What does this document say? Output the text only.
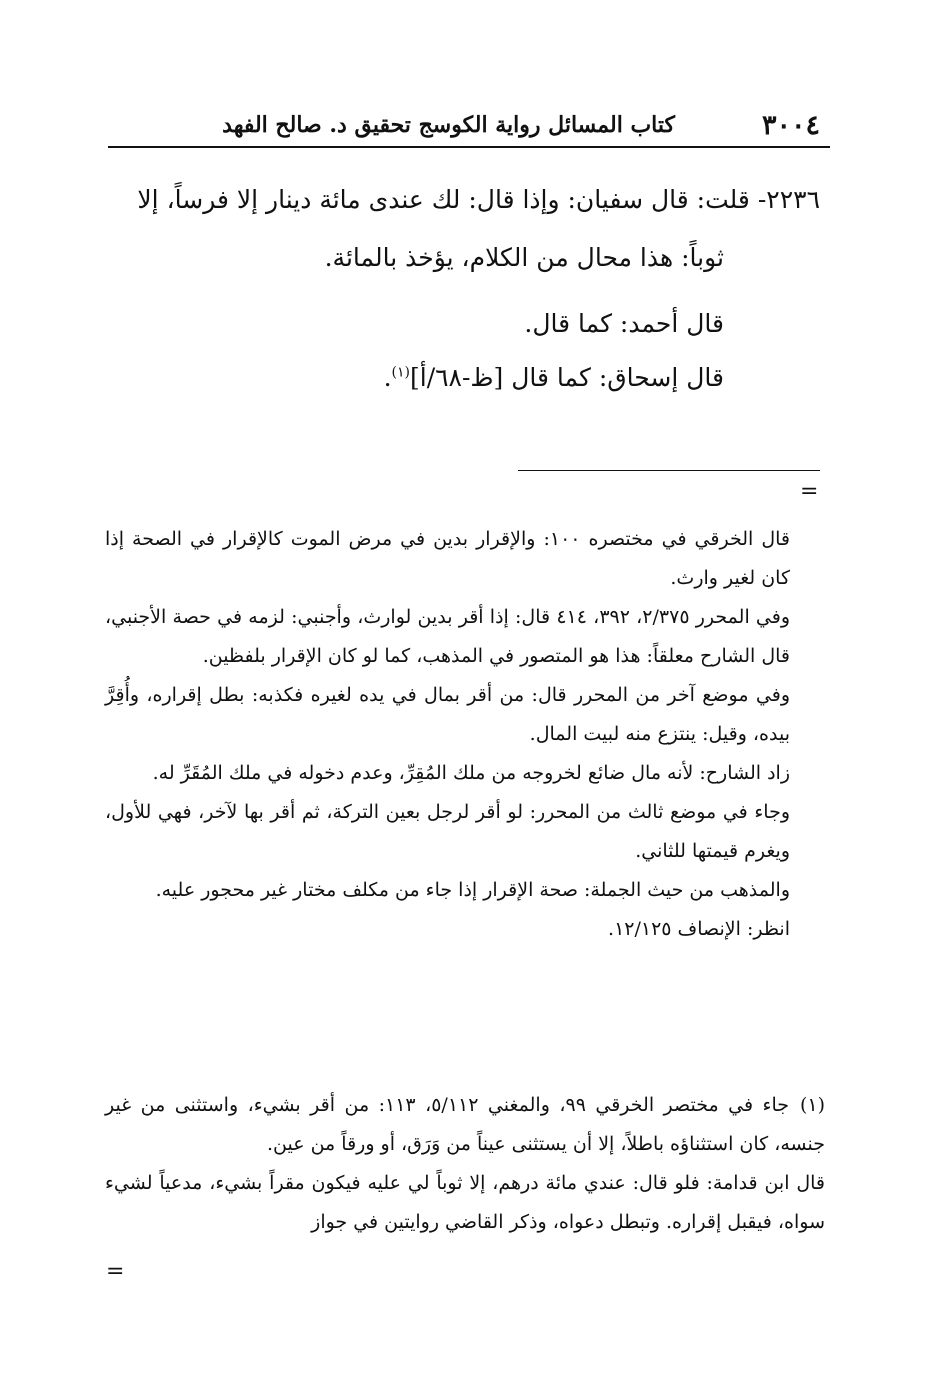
٣٠٠٤
كتاب المسائل رواية الكوسج تحقيق د. صالح الفهد
٢٢٣٦- قلت: قال سفيان: وإذا قال: لك عندى مائة دينار إلا فرساً، إلا
ثوباً: هذا محال من الكلام، يؤخذ بالمائة.
قال أحمد: كما قال.
قال إسحاق: كما قال [ظ-٦٨/أ]$^{(١)}$.
=

قال الخرقي في مختصره ١٠٠: والإقرار بدين في مرض الموت كالإقرار في الصحة إذا كان لغير وارث.

وفي المحرر ٢/٣٧٥، ٣٩٢، ٤١٤ قال: إذا أقر بدين لوارث، وأجنبي: لزمه في حصة الأجنبي، قال الشارح معلقاً: هذا هو المتصور في المذهب، كما لو كان الإقرار بلفظين.

وفي موضع آخر من المحرر قال: من أقر بمال في يده لغيره فكذبه: بطل إقراره، وأُقِرَّ بيده، وقيل: ينتزع منه لبيت المال.

زاد الشارح: لأنه مال ضائع لخروجه من ملك المُقِرِّ، وعدم دخوله في ملك المُقَرِّ له.

وجاء في موضع ثالث من المحرر: لو أقر لرجل بعين التركة، ثم أقر بها لآخر، فهي للأول، ويغرم قيمتها للثاني.

والمذهب من حيث الجملة: صحة الإقرار إذا جاء من مكلف مختار غير محجور عليه.

انظر: الإنصاف ١٢/١٢٥.

(١)جاء في مختصر الخرقي ٩٩، والمغني ٥/١١٢، ١١٣: من أقر بشيء، واستثنى من غير جنسه، كان استثناؤه باطلاً، إلا أن يستثنى عيناً من وَرَق، أو ورقاً من عين.

قال ابن قدامة: فلو قال: عندي مائة درهم، إلا ثوباً لي عليه فيكون مقراً بشيء، مدعياً لشيء سواه، فيقبل إقراره. وتبطل دعواه، وذكر القاضي روايتين في جواز

=
